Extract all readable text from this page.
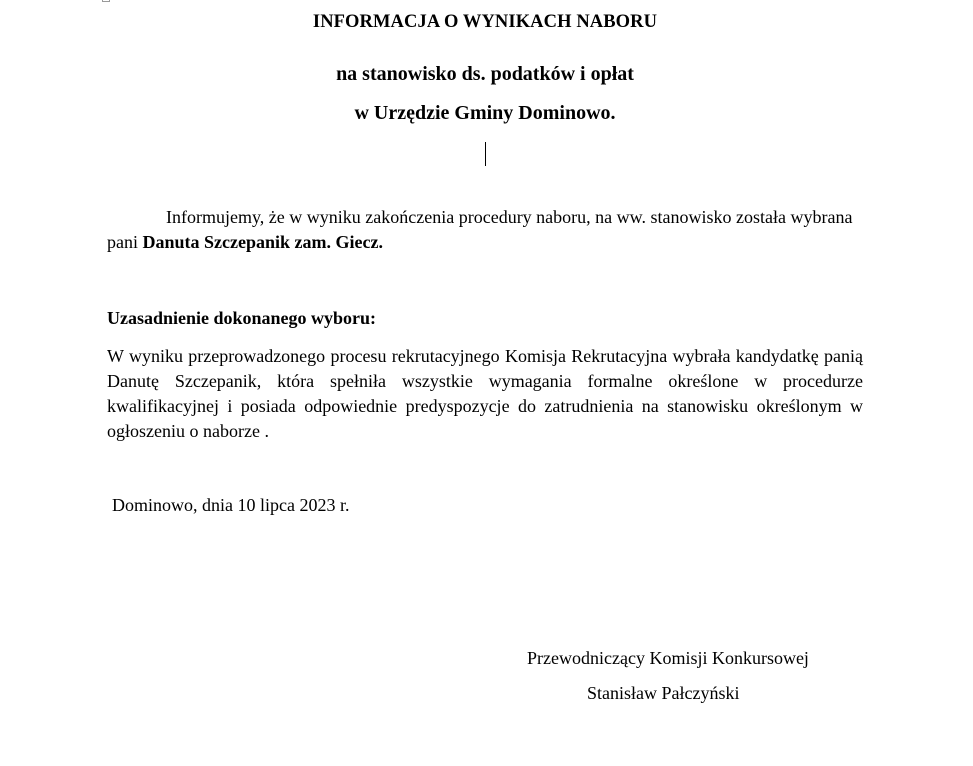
INFORMACJA O WYNIKACH NABORU
na stanowisko ds. podatków i opłat
w Urzędzie Gminy Dominowo.
Informujemy, że w wyniku zakończenia procedury naboru, na ww. stanowisko została wybrana pani Danuta Szczepanik zam. Giecz.
Uzasadnienie dokonanego wyboru:
W wyniku przeprowadzonego procesu rekrutacyjnego Komisja Rekrutacyjna wybrała kandydatkę panią Danutę Szczepanik, która spełniła wszystkie wymagania formalne określone w procedurze kwalifikacyjnej i posiada odpowiednie predyspozycje do zatrudnienia na stanowisku określonym w ogłoszeniu o naborze .
Dominowo, dnia 10 lipca 2023 r.
Przewodniczący Komisji Konkursowej
Stanisław Pałczyński
